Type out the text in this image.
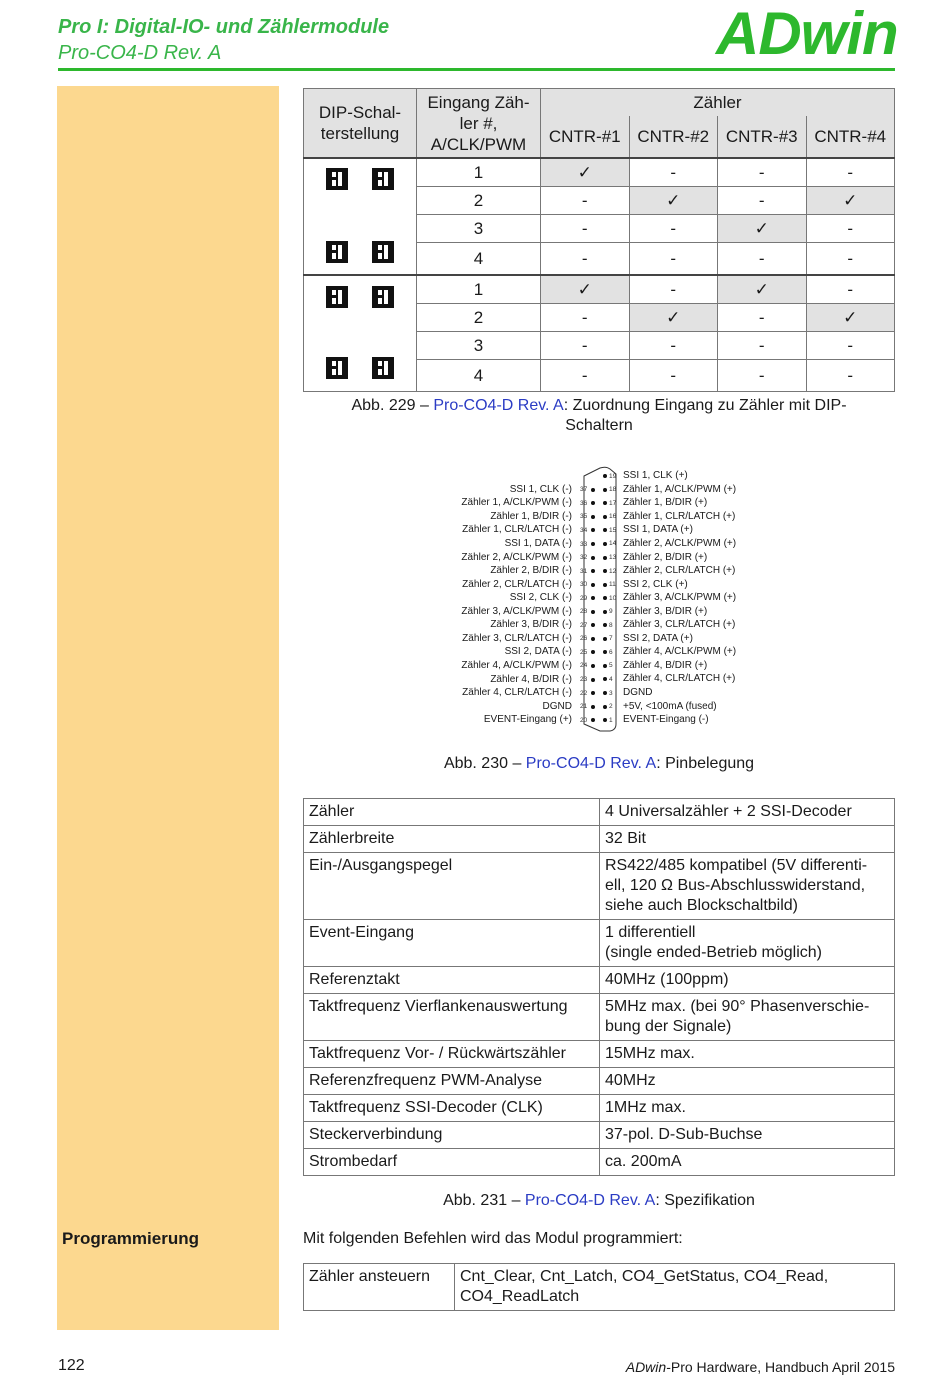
Pro I: Digital-IO- und Zählermodule
Pro-CO4-D Rev. A	ADwin
Programmierung
DIP-Schal-terstellung	Eingang Zäh-ler #, A/CLK/PWM	Zähler			
		CNTR-#1	CNTR-#2	CNTR-#3	CNTR-#4
	1	✓	-	-	-
	2	-	✓	-	✓
	3	-	-	✓	-
	4	-	-	-	-
	1	✓	-	✓	-
	2	-	✓	-	✓
	3	-	-	-	-
	4	-	-	-	-
Abb. 229 – Pro-CO4-D Rev. A: Zuordnung Eingang zu Zähler mit DIP-
Schaltern
SSI 1, CLK (-) 37
Zähler 1, A/CLK/PWM (-) 36
Zähler 1, B/DIR (-) 35
Zähler 1, CLR/LATCH (-) 34
SSI 1, DATA (-) 33
Zähler 2, A/CLK/PWM (-) 32
Zähler 2, B/DIR (-) 31
Zähler 2, CLR/LATCH (-) 30
SSI 2, CLK (-) 29
Zähler 3, A/CLK/PWM (-) 28
Zähler 3, B/DIR (-) 27
Zähler 3, CLR/LATCH (-) 26
SSI 2, DATA (-) 25
Zähler 4, A/CLK/PWM (-) 24
Zähler 4, B/DIR (-) 23
Zähler 4, CLR/LATCH (-) 22
DGND 21
EVENT-Eingang (+) 20
19 SSI 1, CLK (+)
18 Zähler 1, A/CLK/PWM (+)
17 Zähler 1, B/DIR (+)
16 Zähler 1, CLR/LATCH (+)
15 SSI 1, DATA (+)
14 Zähler 2, A/CLK/PWM (+)
13 Zähler 2, B/DIR (+)
12 Zähler 2, CLR/LATCH (+)
11 SSI 2, CLK (+)
10 Zähler 3, A/CLK/PWM (+)
9 Zähler 3, B/DIR (+)
8 Zähler 3, CLR/LATCH (+)
7 SSI 2, DATA (+)
6 Zähler 4, A/CLK/PWM (+)
5 Zähler 4, B/DIR (+)
4 Zähler 4, CLR/LATCH (+)
3 DGND
2 +5V, <100mA (fused)
1 EVENT-Eingang (-)
Abb. 230 – Pro-CO4-D Rev. A: Pinbelegung
Zähler	4 Universalzähler + 2 SSI-Decoder
Zählerbreite	32 Bit
Ein-/Ausgangspegel	RS422/485 kompatibel (5V differenti-
ell, 120 Ω Bus-Abschlusswiderstand,
siehe auch Blockschaltbild)
Event-Eingang	1 differentiell
(single ended-Betrieb möglich)
Referenztakt	40MHz (100ppm)
Taktfrequenz Vierflankenauswertung	5MHz max. (bei 90° Phasenverschie-
bung der Signale)
Taktfrequenz Vor- / Rückwärtszähler	15MHz max.
Referenzfrequenz PWM-Analyse	40MHz
Taktfrequenz SSI-Decoder (CLK)	1MHz max.
Steckerverbindung	37-pol. D-Sub-Buchse
Strombedarf	ca. 200mA
Abb. 231 – Pro-CO4-D Rev. A: Spezifikation
Mit folgenden Befehlen wird das Modul programmiert:
Zähler ansteuern	Cnt_Clear, Cnt_Latch, CO4_GetStatus, CO4_Read,
CO4_ReadLatch
122	ADwin-Pro Hardware, Handbuch April 2015
